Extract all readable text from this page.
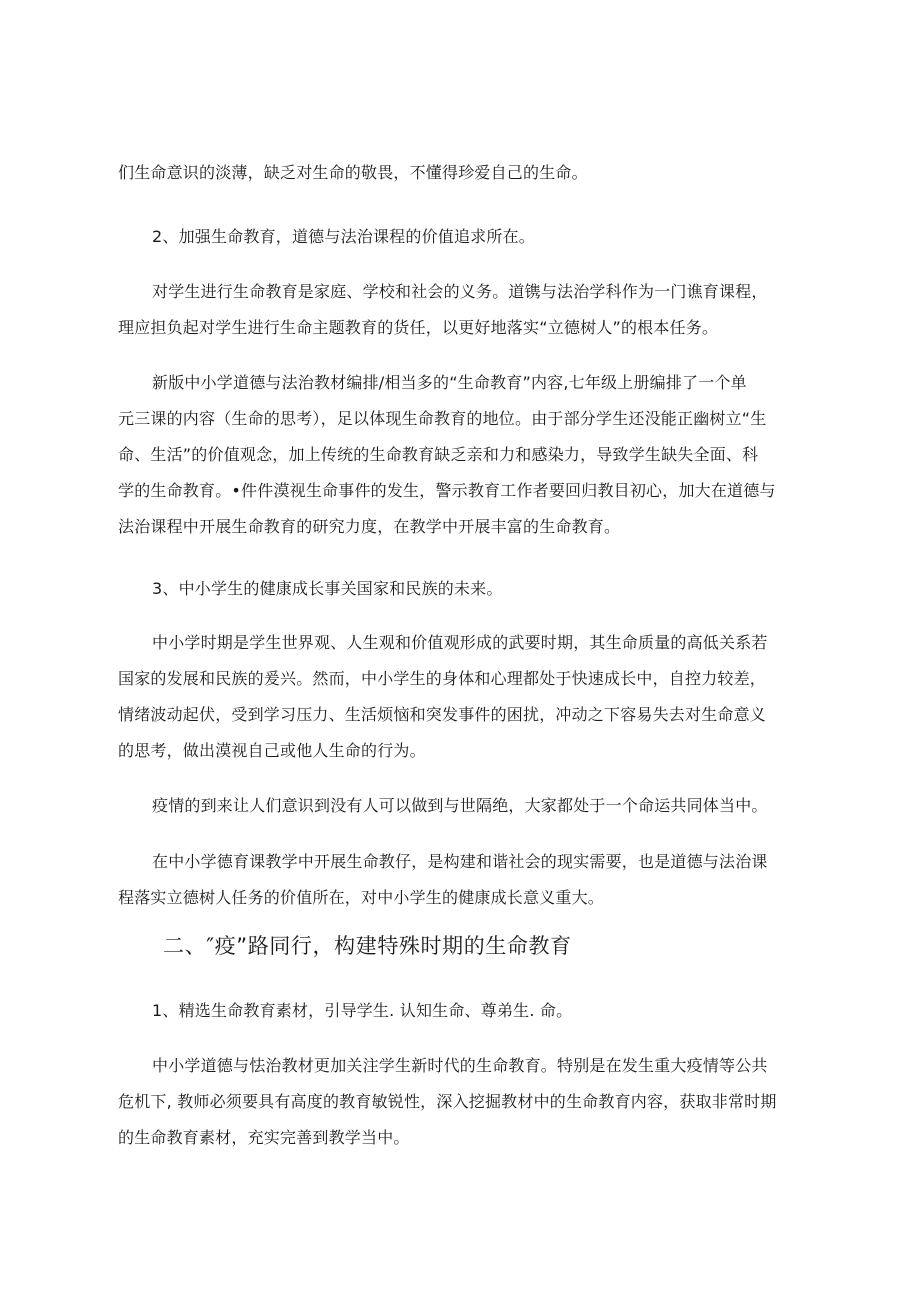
们生命意识的淡薄，缺乏对生命的敬畏，不懂得珍爱自己的生命。
2、加强生命教育，道德与法治课程的价值追求所在。
对学生进行生命教育是家庭、学校和社会的义务。道镌与法治学科作为一门谯育课程，
理应担负起对学生进行生命主题教育的货任，以更好地落实“立德树人”的根本任务。
新版中小学道德与法治教材编排/相当多的“生命教育”内容,七年级上册编排了一个单
元三课的内容（生命的思考），足以体现生命教育的地位。由于部分学生还没能正幽树立“生
命、生活”的价值观念，加上传统的生命教育缺乏亲和力和感染力，导致学生缺失全面、科
学的生命教育。•件件漠视生命事件的发生，警示教育工作者要回归教目初心，加大在道德与
法治课程中开展生命教育的研究力度，在教学中开展丰富的生命教育。
3、中小学生的健康成长事关国家和民族的未来。
中小学时期是学生世界观、人生观和价值观形成的武要时期，其生命质量的高低关系若
国家的发展和民族的爰兴。然而，中小学生的身体和心理都处于快速成长中，自控力较差，
情绪波动起伏，受到学习压力、生活烦恼和突发事件的困扰，冲动之下容易失去对生命意义
的思考，做出漠视自己或他人生命的行为。
疫情的到来让人们意识到没有人可以做到与世隔绝，大家都处于一个命运共同体当中。
在中小学德育课教学中开展生命教仔，是构建和谐社会的现实需要，也是道德与法治课
程落实立德树人任务的价值所在，对中小学生的健康成长意义重大。
二、″疫”路同行，构建特殊时期的生命教育
1、精选生命教育素材，引导学生. 认知生命、尊弟生. 命。
中小学道德与怯治教材更加关注学生新时代的生命教育。特别是在发生重大疫情等公共
危机下, 教师必须要具有高度的教育敏锐性，深入挖掘教材中的生命教育内容，获取非常时期
的生命教育素材，充实完善到教学当中。
